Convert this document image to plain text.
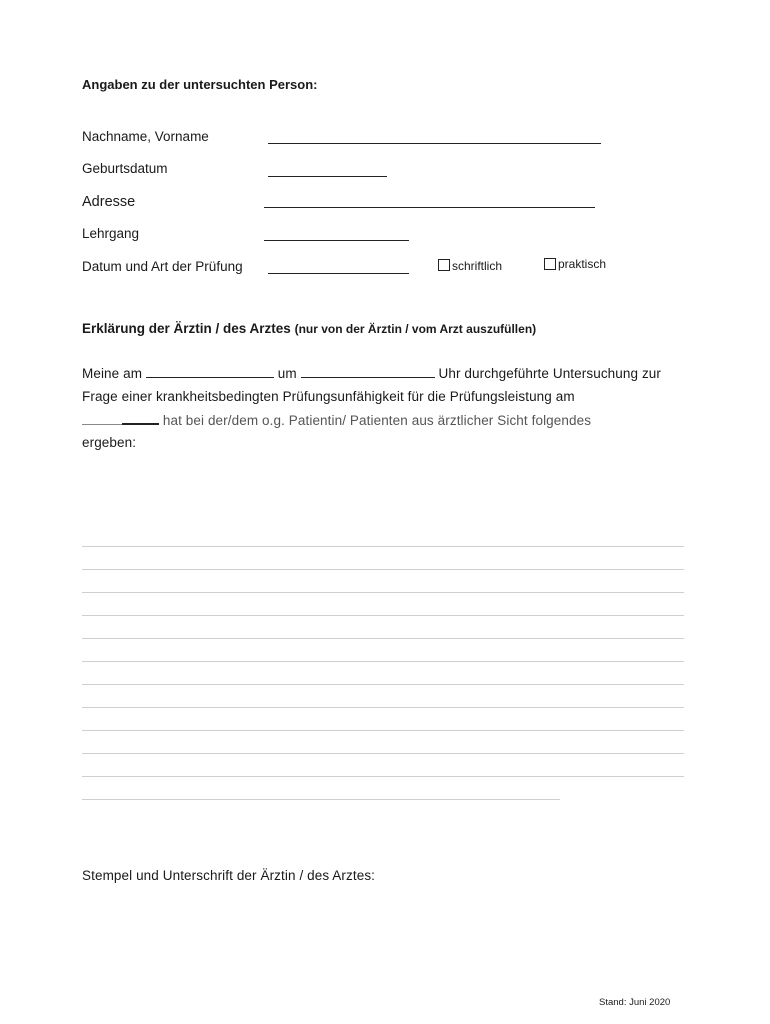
Angaben zu der untersuchten Person:
Nachname, Vorname
Geburtsdatum
Adresse
Lehrgang
Datum und Art der Prüfung	schriftlich	praktisch
Erklärung der Ärztin / des Arztes (nur von der Ärztin / vom Arzt auszufüllen)
Meine am	um	Uhr durchgeführte Untersuchung zur
Frage einer krankheitsbedingten Prüfungsunfähigkeit für die Prüfungsleistung am
hat bei der/dem o.g. Patientin/ Patienten aus ärztlicher Sicht folgendes
ergeben:
Stempel und Unterschrift der Ärztin / des Arztes:
Stand: Juni 2020
